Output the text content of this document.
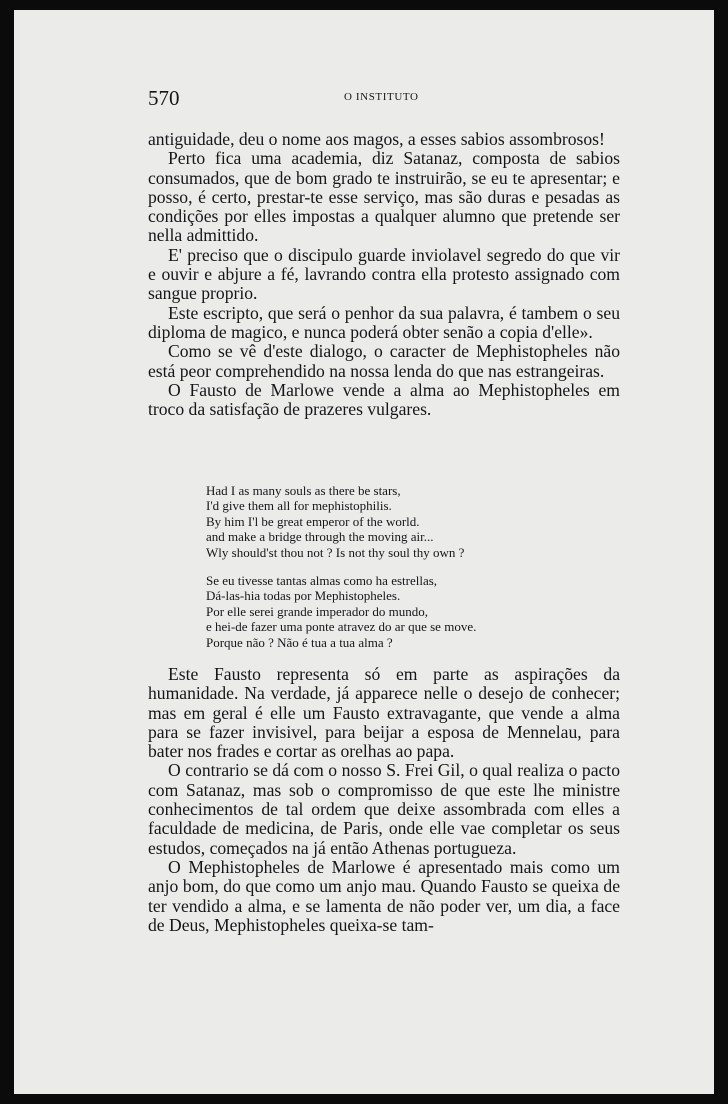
570	O INSTITUTO

antiguidade, deu o nome aos magos, a esses sabios assombrosos!

Perto fica uma academia, diz Satanaz, composta de sabios consumados, que de bom grado te instruirão, se eu te apresentar; e posso, é certo, prestar-te esse serviço, mas são duras e pesadas as condições por elles impostas a qualquer alumno que pretende ser nella admittido.

E' preciso que o discipulo guarde inviolavel segredo do que vir e ouvir e abjure a fé, lavrando contra ella protesto assignado com sangue proprio.

Este escripto, que será o penhor da sua palavra, é tambem o seu diploma de magico, e nunca poderá obter senão a copia d'elle».

Como se vê d'este dialogo, o caracter de Mephistopheles não está peor comprehendido na nossa lenda do que nas estrangeiras.

O Fausto de Marlowe vende a alma ao Mephistopheles em troco da satisfação de prazeres vulgares.

Had I as many souls as there be stars,
I'd give them all for mephistophilis.
By him I'l be great emperor of the world.
and make a bridge through the moving air...
Wly should'st thou not ? Is not thy soul thy own ?
Se eu tivesse tantas almas como ha estrellas,
Dá-las-hia todas por Mephistopheles.
Por elle serei grande imperador do mundo,
e hei-de fazer uma ponte atravez do ar que se move.
Porque não ? Não é tua a tua alma ?

Este Fausto representa só em parte as aspirações da humanidade. Na verdade, já apparece nelle o desejo de conhecer; mas em geral é elle um Fausto extravagante, que vende a alma para se fazer invisivel, para beijar a esposa de Mennelau, para bater nos frades e cortar as orelhas ao papa.

O contrario se dá com o nosso S. Frei Gil, o qual realiza o pacto com Satanaz, mas sob o compromisso de que este lhe ministre conhecimentos de tal ordem que deixe assombrada com elles a faculdade de medicina, de Paris, onde elle vae completar os seus estudos, começados na já então Athenas portugueza.

O Mephistopheles de Marlowe é apresentado mais como um anjo bom, do que como um anjo mau. Quando Fausto se queixa de ter vendido a alma, e se lamenta de não poder ver, um dia, a face de Deus, Mephistopheles queixa-se tam-
